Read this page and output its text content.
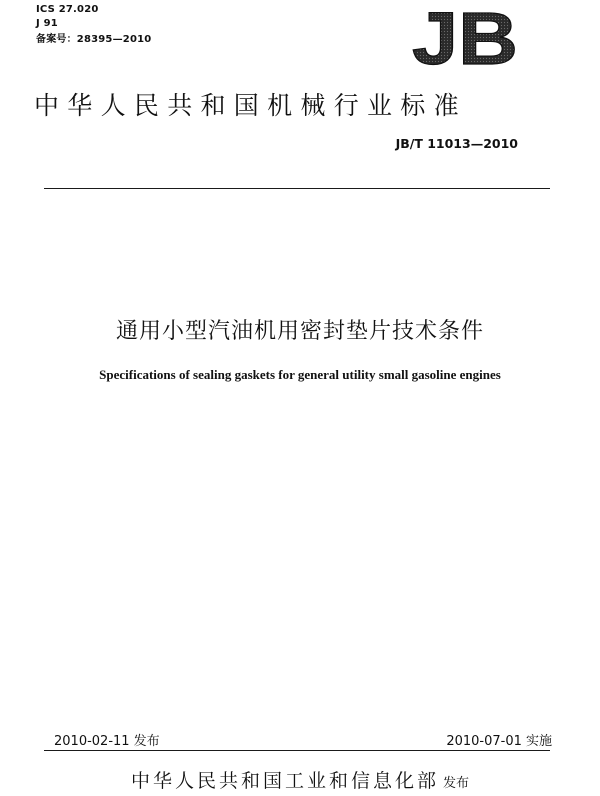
ICS 27.020
J 91
备案号：28395—2010	JB
中华人民共和国机械行业标准
JB/T 11013—2010
通用小型汽油机用密封垫片技术条件
Specifications of sealing gaskets for general utility small gasoline engines
2010-02-11 发布	2010-07-01 实施
中华人民共和国工业和信息化部 发布
